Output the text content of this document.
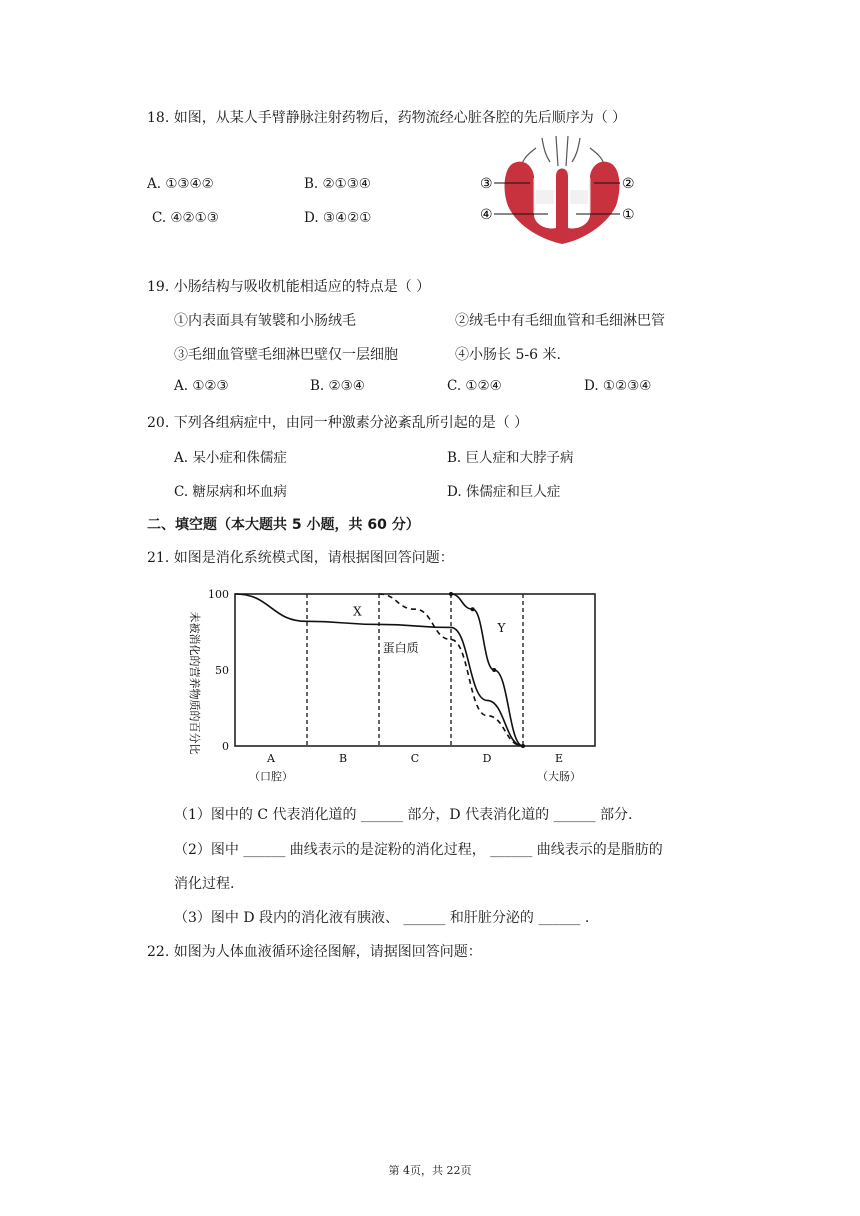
18. 如图，从某人手臂静脉注射药物后，药物流经心脏各腔的先后顺序为（ ）
A. ①③④②	B. ②①③④
C. ④②①③	D. ③④②①
③	②
④	①
19. 小肠结构与吸收机能相适应的特点是（ ）
①内表面具有皱襞和小肠绒毛	②绒毛中有毛细血管和毛细淋巴管
③毛细血管壁毛细淋巴壁仅一层细胞	④小肠长 5-6 米.
A. ①②③	B. ②③④	C. ①②④	D. ①②③④
20. 下列各组病症中，由同一种激素分泌紊乱所引起的是（ ）
A. 呆小症和侏儒症	B. 巨人症和大脖子病
C. 糖尿病和坏血病	D. 侏儒症和巨人症
二、填空题（本大题共 5 小题，共 60 分）
21. 如图是消化系统模式图，请根据图回答问题：
未被消化的营养物质的百分比
100
50
0
A	B	C	D	E
（口腔）	（大肠）
X
蛋白质
Y
（1）图中的 C 代表消化道的 ______ 部分，D 代表消化道的 ______ 部分.
（2）图中 ______ 曲线表示的是淀粉的消化过程， ______ 曲线表示的是脂肪的
消化过程.
（3）图中 D 段内的消化液有胰液、 ______ 和肝脏分泌的 ______ .
22. 如图为人体血液循环途径图解，请据图回答问题：
第 4页，共 22页
